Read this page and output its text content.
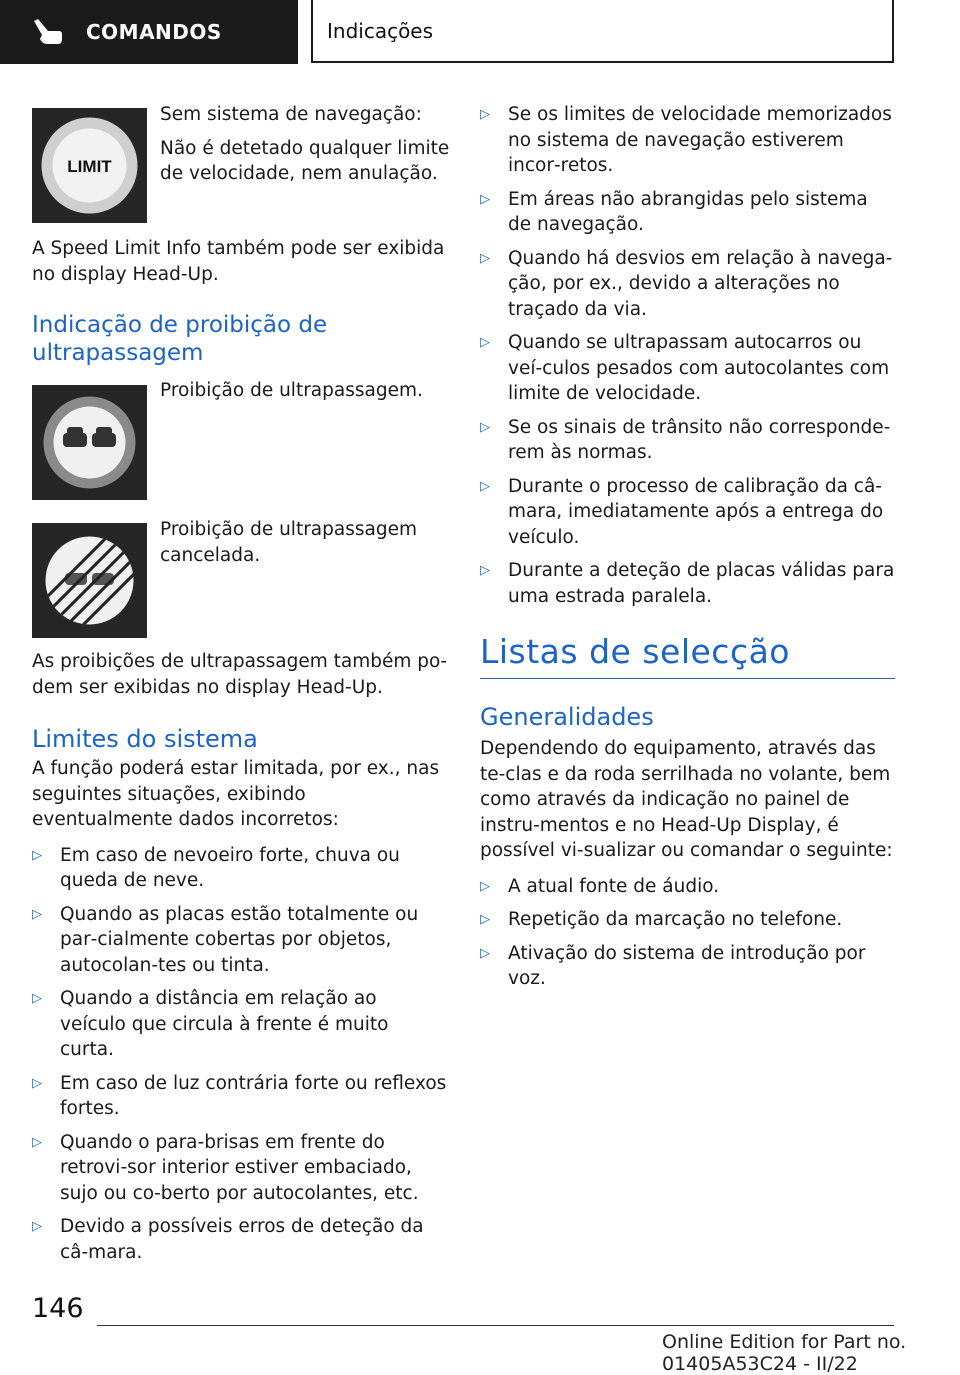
COMANDOS	Indicações
LIMIT

Sem sistema de navegação:

Não é detetado qualquer limite de velocidade, nem anulação.

A Speed Limit Info também pode ser exibida no display Head-Up.

Indicação de proibição de ultrapassagem

Proibição de ultrapassagem.

Proibição de ultrapassagem cancelada.

As proibições de ultrapassagem também po‐dem ser exibidas no display Head-Up.

Limites do sistema

A função poderá estar limitada, por ex., nas seguintes situações, exibindo eventualmente dados incorretos:

▷ Em caso de nevoeiro forte, chuva ou queda de neve.
▷ Quando as placas estão totalmente ou par‐cialmente cobertas por objetos, autocolan‐tes ou tinta.
▷ Quando a distância em relação ao veículo que circula à frente é muito curta.
▷ Em caso de luz contrária forte ou reflexos fortes.
▷ Quando o para-brisas em frente do retrovi‐sor interior estiver embaciado, sujo ou co‐berto por autocolantes, etc.
▷ Devido a possíveis erros de deteção da câ‐mara.
▷ Se os limites de velocidade memorizados no sistema de navegação estiverem incor‐retos.
▷ Em áreas não abrangidas pelo sistema de navegação.
▷ Quando há desvios em relação à navega‐ção, por ex., devido a alterações no traçado da via.
▷ Quando se ultrapassam autocarros ou veí‐culos pesados com autocolantes com limite de velocidade.
▷ Se os sinais de trânsito não corresponde‐rem às normas.
▷ Durante o processo de calibração da câ‐mara, imediatamente após a entrega do veículo.
▷ Durante a deteção de placas válidas para uma estrada paralela.

Listas de selecção

Generalidades

Dependendo do equipamento, através das te‐clas e da roda serrilhada no volante, bem como através da indicação no painel de instru‐mentos e no Head-Up Display, é possível vi‐sualizar ou comandar o seguinte:

▷ A atual fonte de áudio.
▷ Repetição da marcação no telefone.
▷ Ativação do sistema de introdução por voz.
146
Online Edition for Part no. 01405A53C24 - II/22
